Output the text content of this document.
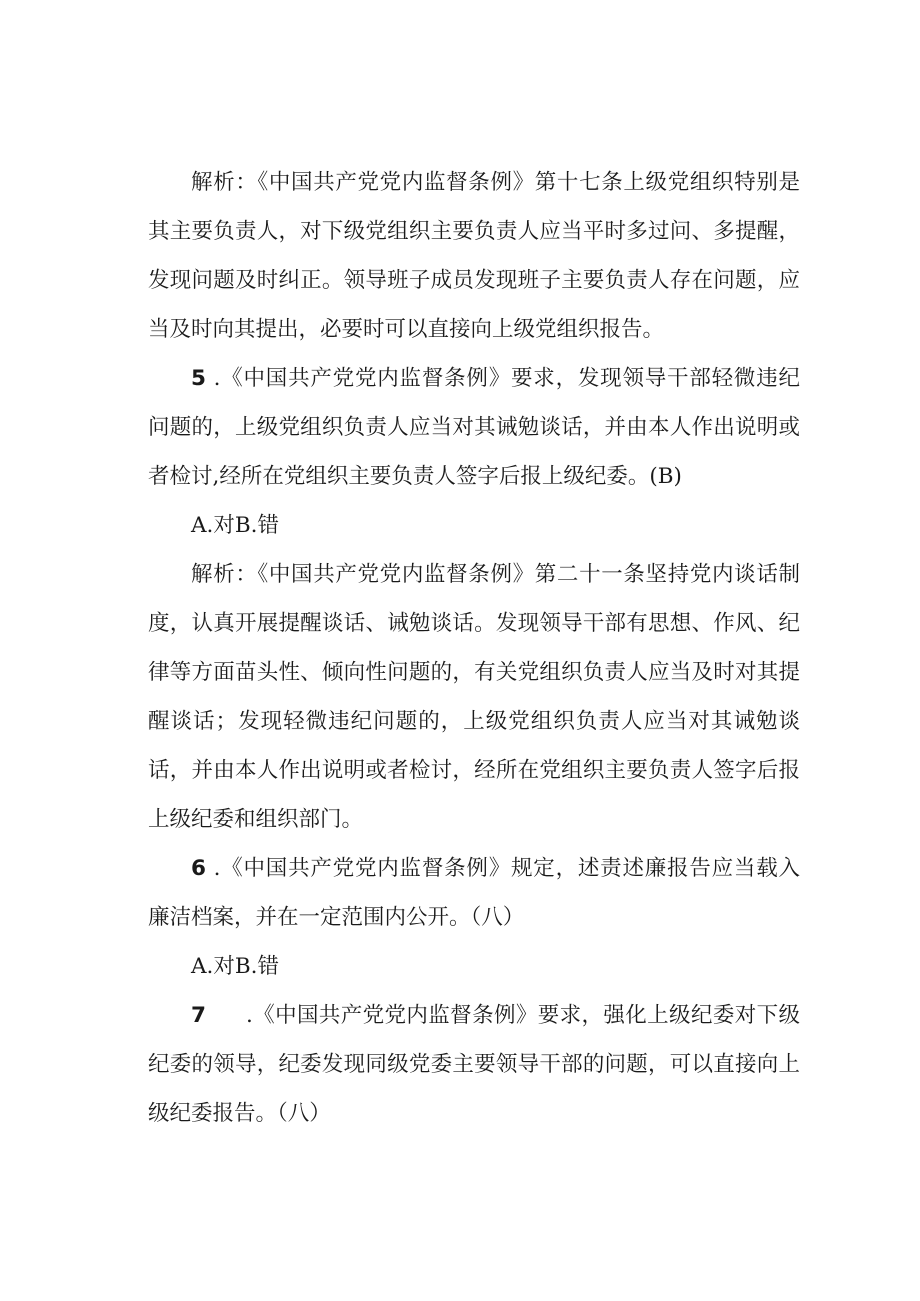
解析：《中国共产党党内监督条例》第十七条上级党组织特别是其主要负责人，对下级党组织主要负责人应当平时多过问、多提醒，发现问题及时纠正。领导班子成员发现班子主要负责人存在问题，应当及时向其提出，必要时可以直接向上级党组织报告。

5 .《中国共产党党内监督条例》要求，发现领导干部轻微违纪问题的，上级党组织负责人应当对其诫勉谈话，并由本人作出说明或者检讨,经所在党组织主要负责人签字后报上级纪委。(B)

A.对B.错

解析：《中国共产党党内监督条例》第二十一条坚持党内谈话制度，认真开展提醒谈话、诫勉谈话。发现领导干部有思想、作风、纪律等方面苗头性、倾向性问题的，有关党组织负责人应当及时对其提醒谈话；发现轻微违纪问题的，上级党组织负责人应当对其诫勉谈话，并由本人作出说明或者检讨，经所在党组织主要负责人签字后报上级纪委和组织部门。

6 .《中国共产党党内监督条例》规定，述责述廉报告应当载入廉洁档案，并在一定范围内公开。（八）

A.对B.错

7 .《中国共产党党内监督条例》要求，强化上级纪委对下级纪委的领导，纪委发现同级党委主要领导干部的问题，可以直接向上级纪委报告。（八）
